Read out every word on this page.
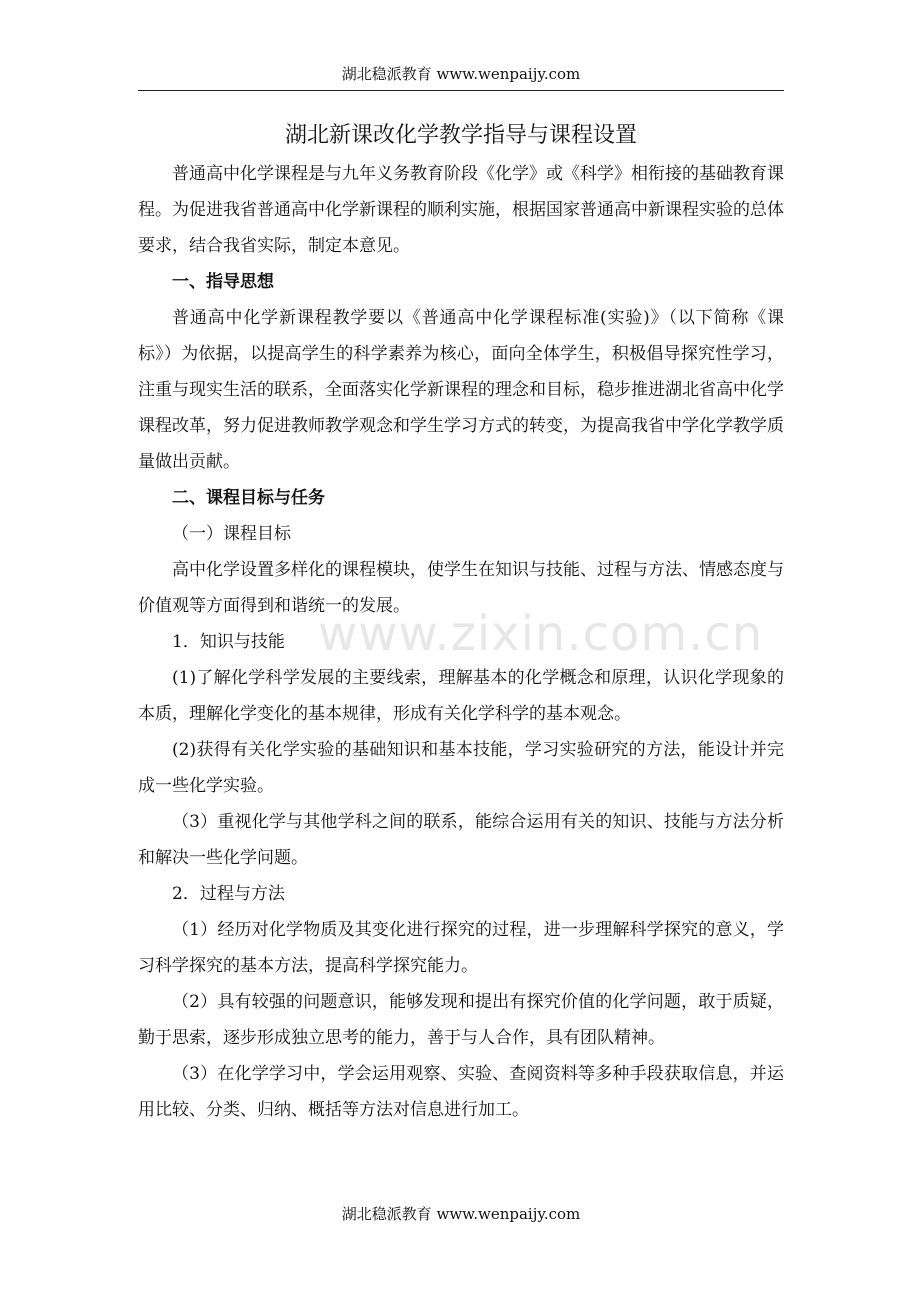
湖北稳派教育 www.wenpaijy.com
www.zixin.com.cn
湖北新课改化学教学指导与课程设置

普通高中化学课程是与九年义务教育阶段《化学》或《科学》相衔接的基础教育课程。为促进我省普通高中化学新课程的顺利实施，根据国家普通高中新课程实验的总体要求，结合我省实际，制定本意见。

一、指导思想

普通高中化学新课程教学要以《普通高中化学课程标准(实验)》（以下简称《课标》）为依据，以提高学生的科学素养为核心，面向全体学生，积极倡导探究性学习，注重与现实生活的联系，全面落实化学新课程的理念和目标，稳步推进湖北省高中化学课程改革，努力促进教师教学观念和学生学习方式的转变，为提高我省中学化学教学质量做出贡献。

二、课程目标与任务

（一）课程目标

高中化学设置多样化的课程模块，使学生在知识与技能、过程与方法、情感态度与价值观等方面得到和谐统一的发展。

1．知识与技能

(1)了解化学科学发展的主要线索，理解基本的化学概念和原理，认识化学现象的本质，理解化学变化的基本规律，形成有关化学科学的基本观念。

(2)获得有关化学实验的基础知识和基本技能，学习实验研究的方法，能设计并完成一些化学实验。

（3）重视化学与其他学科之间的联系，能综合运用有关的知识、技能与方法分析和解决一些化学问题。

2．过程与方法

（1）经历对化学物质及其变化进行探究的过程，进一步理解科学探究的意义，学习科学探究的基本方法，提高科学探究能力。

（2）具有较强的问题意识，能够发现和提出有探究价值的化学问题，敢于质疑，勤于思索，逐步形成独立思考的能力，善于与人合作，具有团队精神。

（3）在化学学习中，学会运用观察、实验、查阅资料等多种手段获取信息，并运用比较、分类、归纳、概括等方法对信息进行加工。

湖北稳派教育 www.wenpaijy.com
